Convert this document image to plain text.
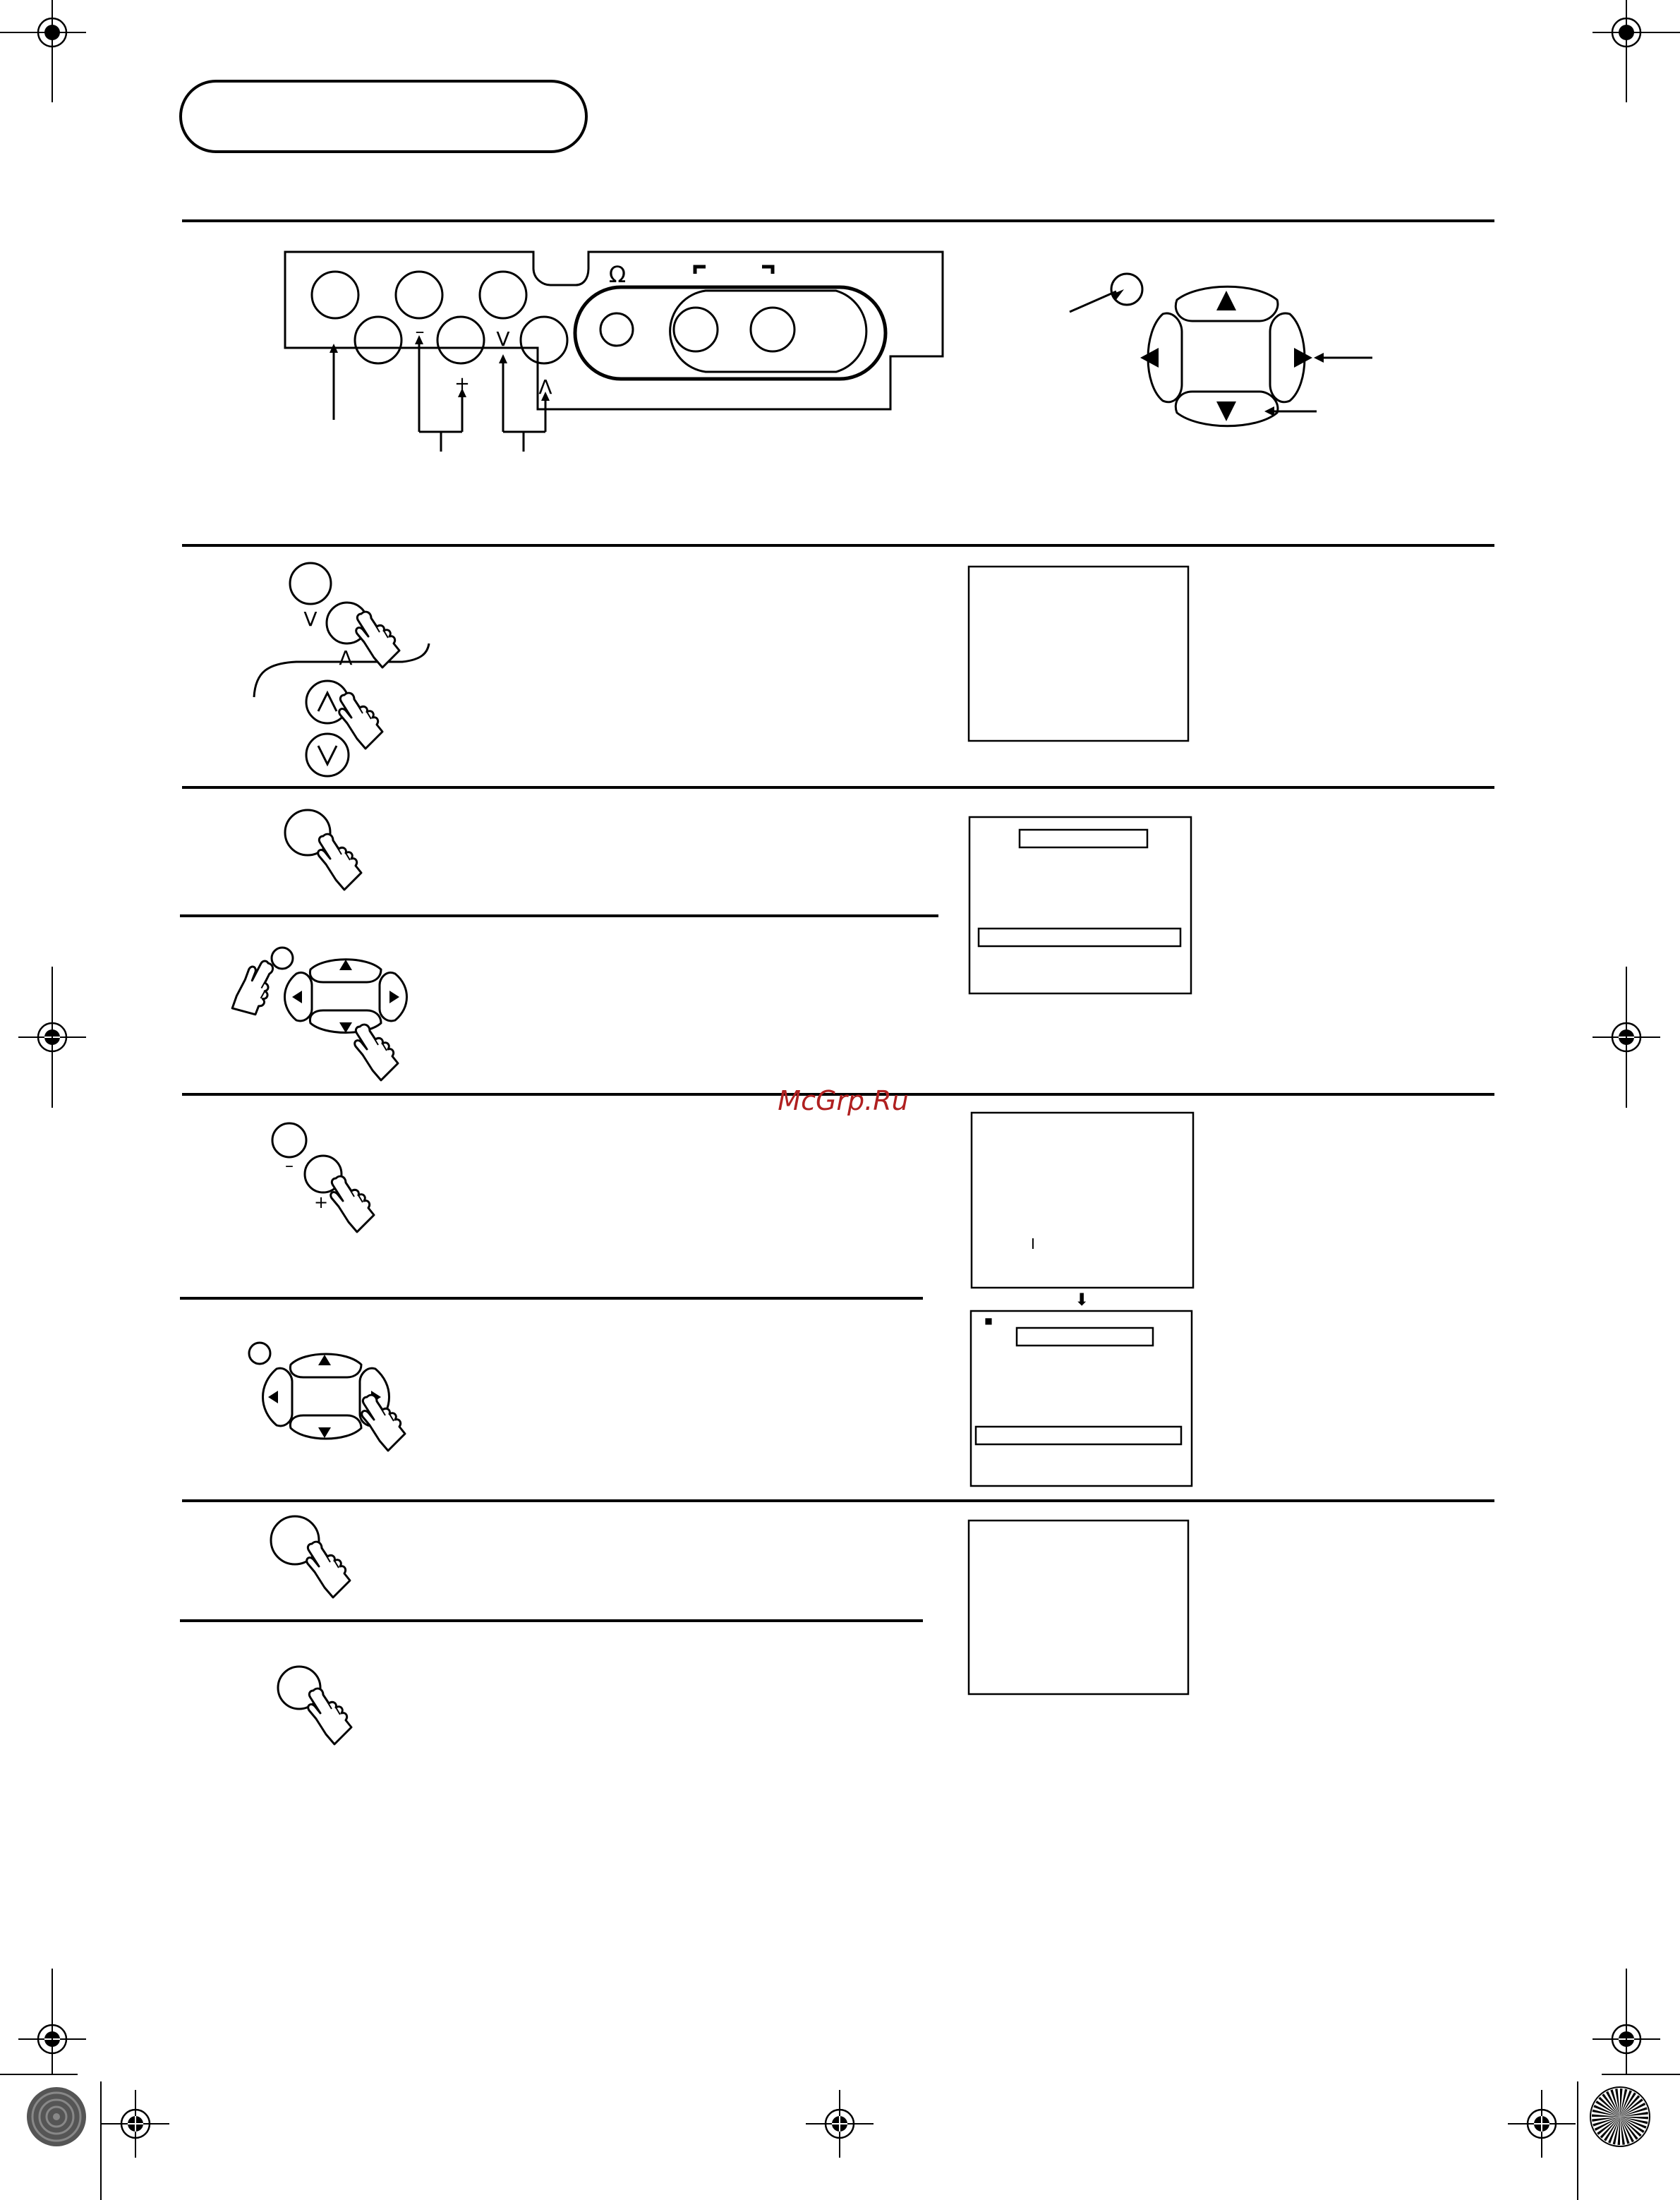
–
+
V
Λ
Ω
V
Λ
–
+
I
⬇
■
McGrp.Ru
